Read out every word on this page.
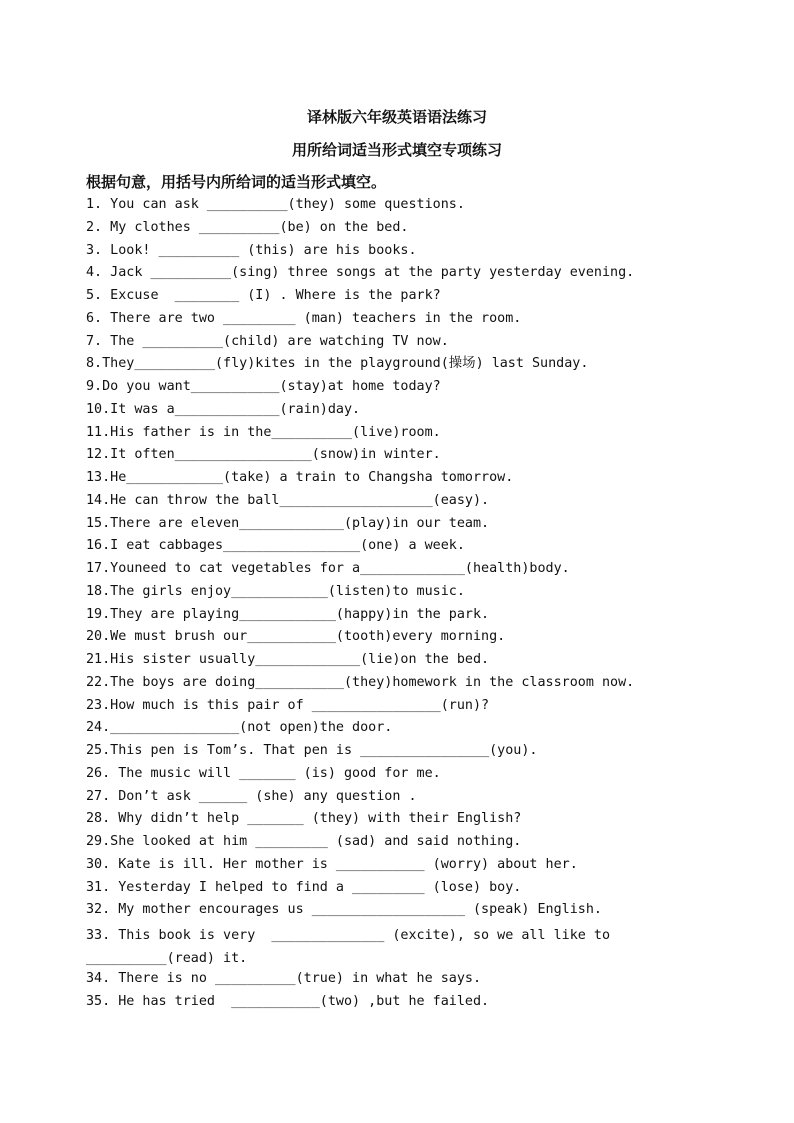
译林版六年级英语语法练习
用所给词适当形式填空专项练习
根据句意，用括号内所给词的适当形式填空。
1. You can ask __________(they) some questions.
2. My clothes __________(be) on the bed.
3. Look! __________ (this) are his books.
4. Jack __________(sing) three songs at the party yesterday evening.
5. Excuse  ________ (I) . Where is the park?
6. There are two _________ (man) teachers in the room.
7. The __________(child) are watching TV now.
8.They__________(fly)kites in the playground(操场) last Sunday.
9.Do you want___________(stay)at home today?
10.It was a_____________(rain)day.
11.His father is in the__________(live)room.
12.It often_________________(snow)in winter.
13.He____________(take) a train to Changsha tomorrow.
14.He can throw the ball___________________(easy).
15.There are eleven_____________(play)in our team.
16.I eat cabbages_________________(one) a week.
17.Youneed to cat vegetables for a_____________(health)body.
18.The girls enjoy____________(listen)to music.
19.They are playing____________(happy)in the park.
20.We must brush our___________(tooth)every morning.
21.His sister usually_____________(lie)on the bed.
22.The boys are doing___________(they)homework in the classroom now.
23.How much is this pair of ________________(run)?
24.________________(not open)the door.
25.This pen is Tom’s. That pen is ________________(you).
26. The music will _______ (is) good for me.
27. Don’t ask ______ (she) any question .
28. Why didn’t help _______ (they) with their English?
29.She looked at him _________ (sad) and said nothing.
30. Kate is ill. Her mother is ___________ (worry) about her.
31. Yesterday I helped to find a _________ (lose) boy.
32. My mother encourages us ___________________ (speak) English.
33. This book is very  ______________ (excite), so we all like to __________(read) it.
34. There is no __________(true) in what he says.
35. He has tried  ___________(two) ,but he failed.
